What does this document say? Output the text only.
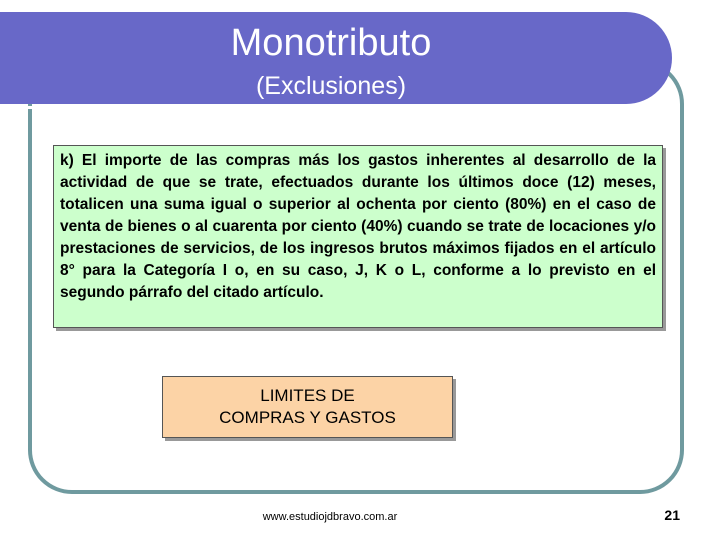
Monotributo
(Exclusiones)
k) El importe de las compras más los gastos inherentes al desarrollo de la actividad de que se trate, efectuados durante los últimos doce (12) meses, totalicen una suma igual o superior al ochenta por ciento (80%) en el caso de venta de bienes o al cuarenta por ciento (40%) cuando se trate de locaciones y/o prestaciones de servicios, de los ingresos brutos máximos fijados en el artículo 8° para la Categoría I o, en su caso, J, K o L, conforme a lo previsto en el segundo párrafo del citado artículo.
LIMITES DE
COMPRAS Y GASTOS
www.estudiojdbravo.com.ar	21
